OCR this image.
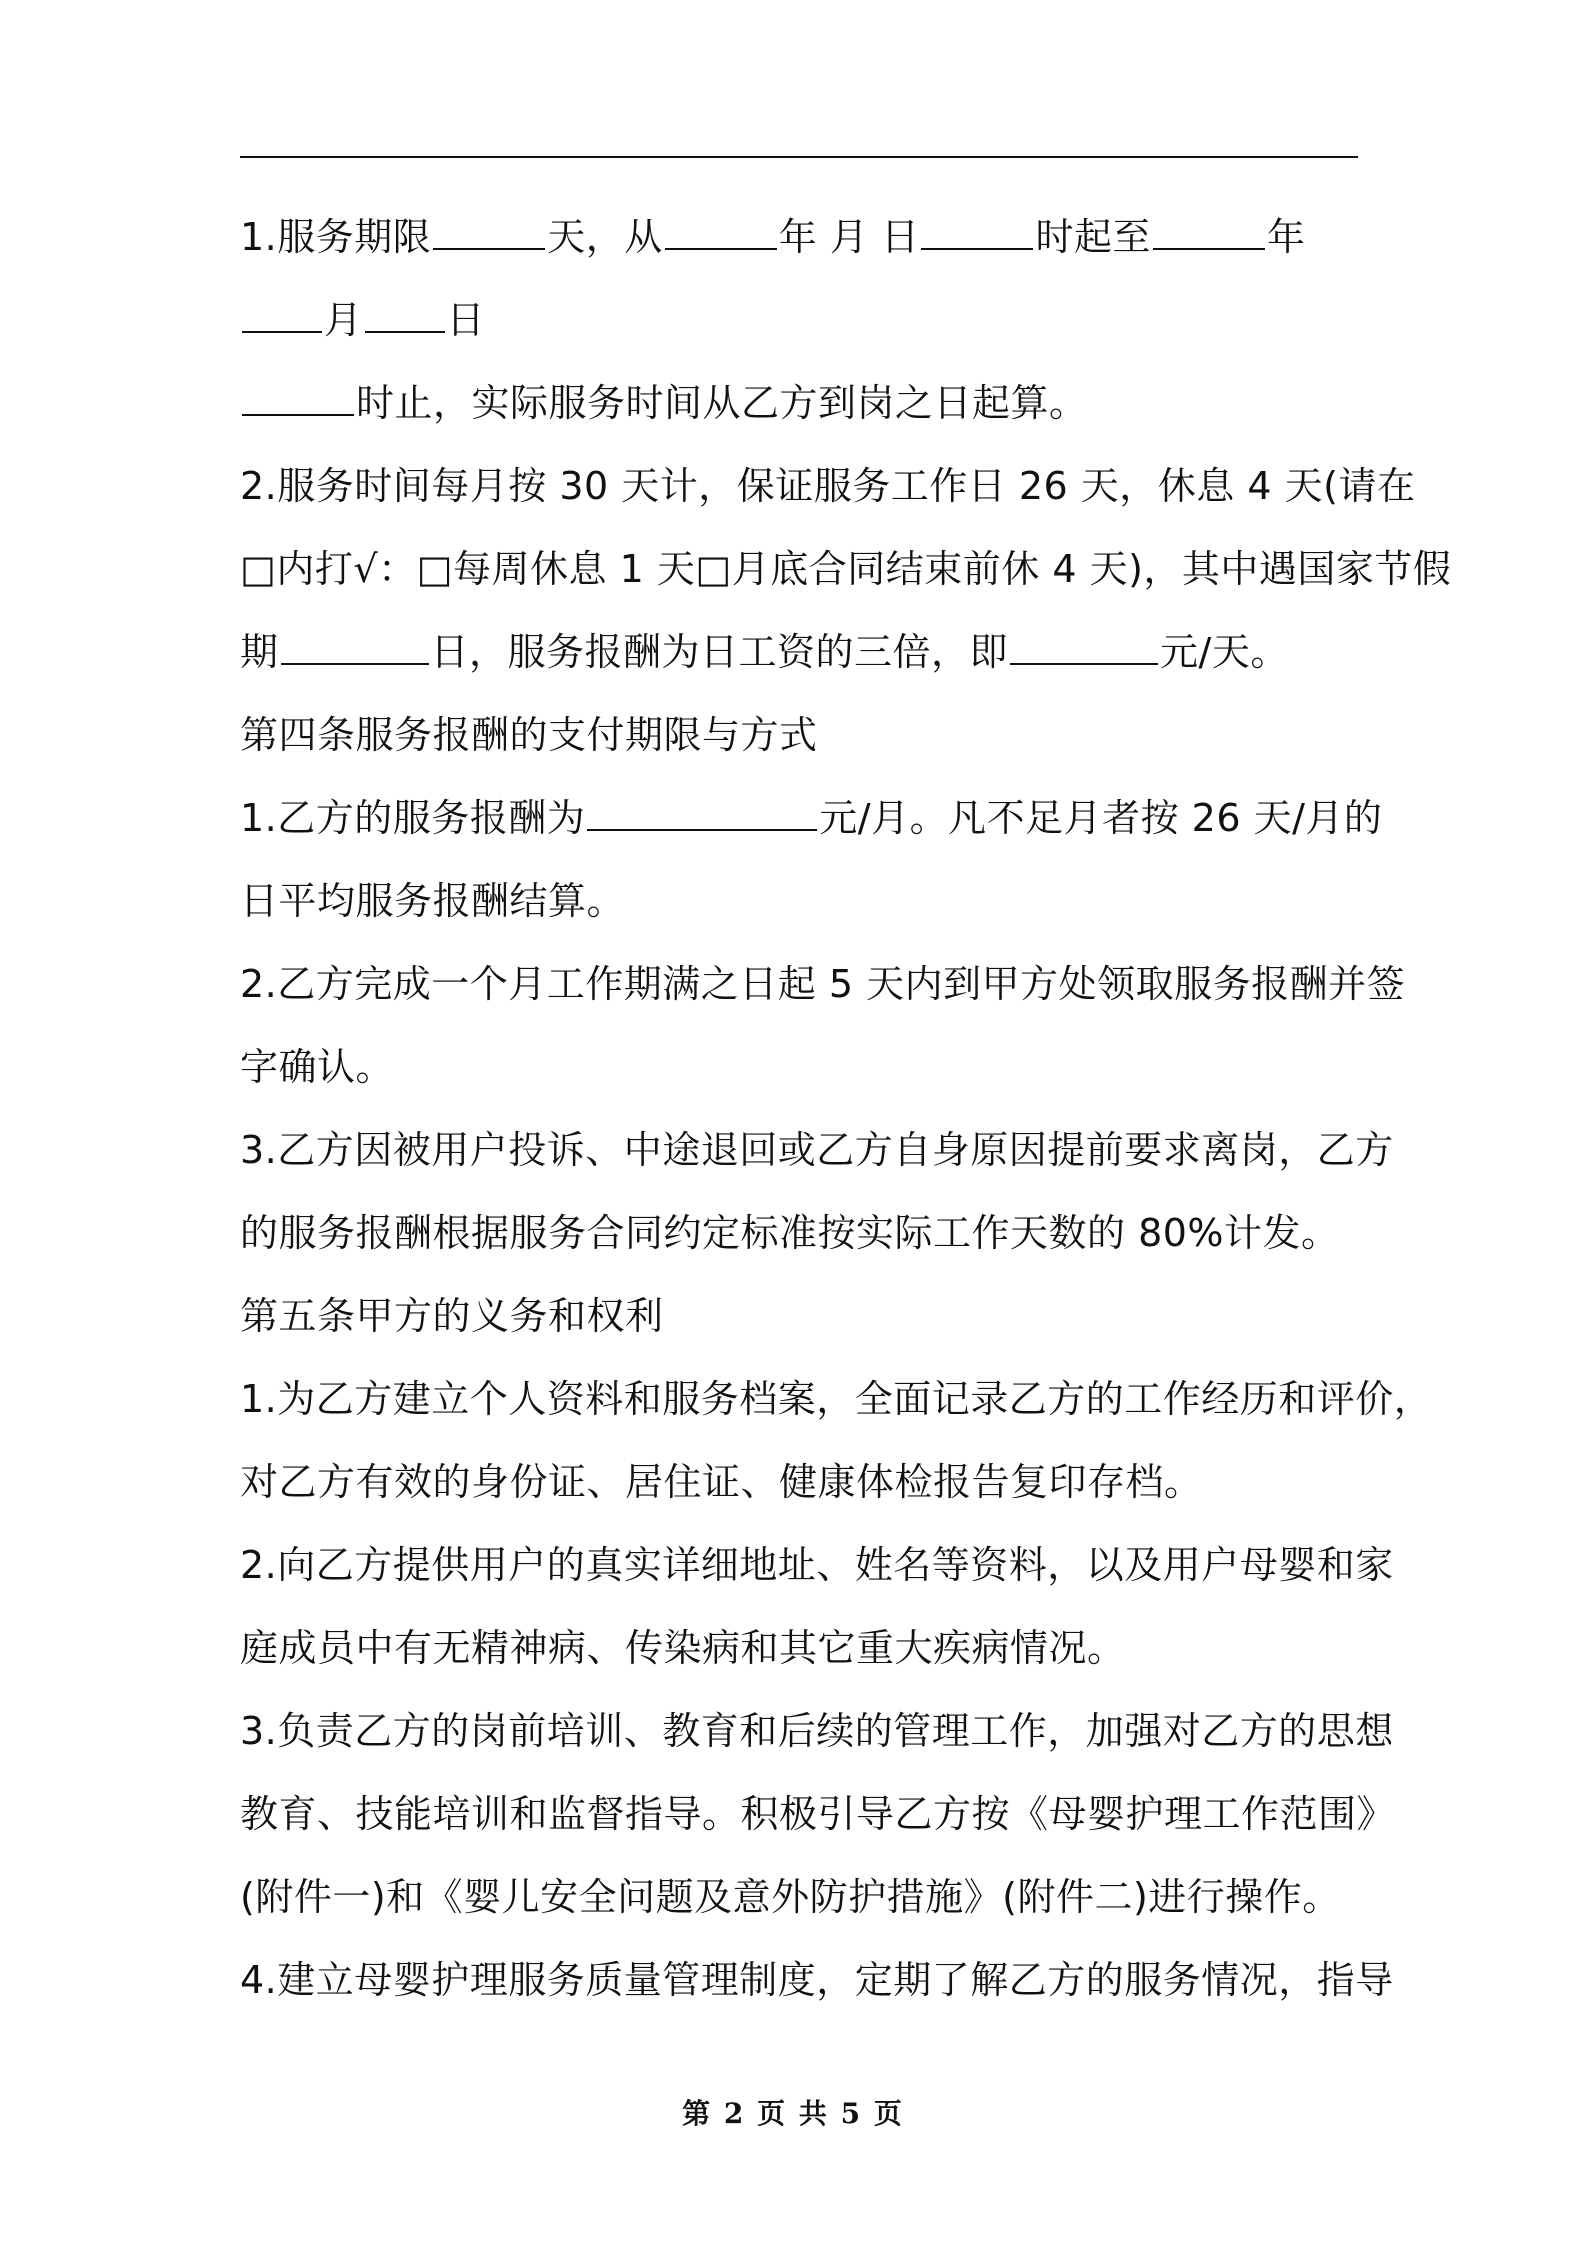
1.服务期限	天，从	年 月 日	时起至	年
月 日
时止，实际服务时间从乙方到岗之日起算。
2.服务时间每月按 30 天计，保证服务工作日 26 天，休息 4 天(请在
□内打√：□每周休息 1 天□月底合同结束前休 4 天)，其中遇国家节假
期	日，服务报酬为日工资的三倍，即	元/天。
第四条服务报酬的支付期限与方式
1.乙方的服务报酬为	元/月。凡不足月者按 26 天/月的
日平均服务报酬结算。
2.乙方完成一个月工作期满之日起 5 天内到甲方处领取服务报酬并签
字确认。
3.乙方因被用户投诉、中途退回或乙方自身原因提前要求离岗，乙方
的服务报酬根据服务合同约定标准按实际工作天数的 80%计发。
第五条甲方的义务和权利
1.为乙方建立个人资料和服务档案，全面记录乙方的工作经历和评价，
对乙方有效的身份证、居住证、健康体检报告复印存档。
2.向乙方提供用户的真实详细地址、姓名等资料，以及用户母婴和家
庭成员中有无精神病、传染病和其它重大疾病情况。
3.负责乙方的岗前培训、教育和后续的管理工作，加强对乙方的思想
教育、技能培训和监督指导。积极引导乙方按《母婴护理工作范围》
(附件一)和《婴儿安全问题及意外防护措施》(附件二)进行操作。
4.建立母婴护理服务质量管理制度，定期了解乙方的服务情况，指导
第 2 页 共 5 页
